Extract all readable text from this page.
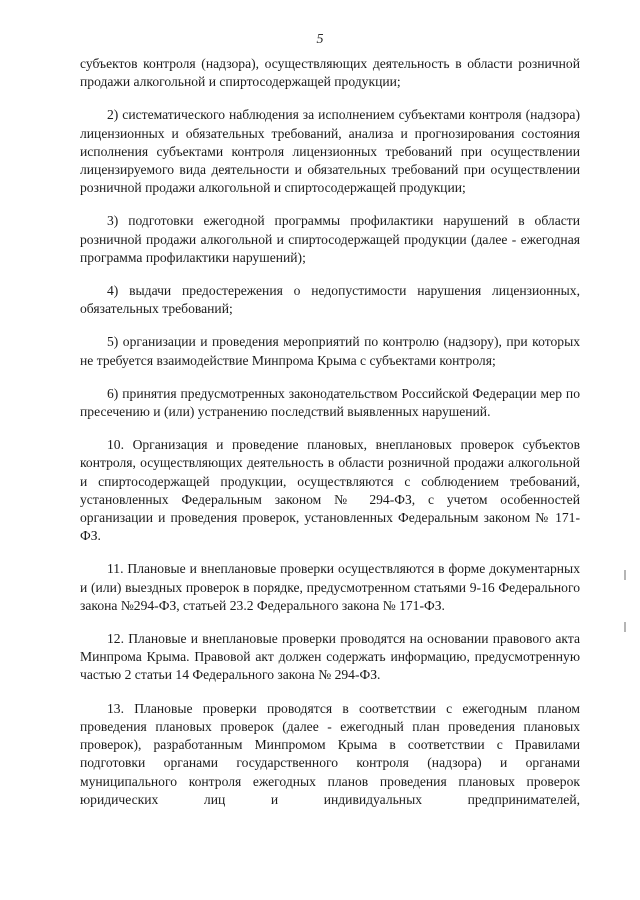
5

субъектов контроля (надзора), осуществляющих деятельность в области розничной продажи алкогольной и спиртосодержащей продукции;

2) систематического наблюдения за исполнением субъектами контроля (надзора) лицензионных и обязательных требований, анализа и прогнозирования состояния исполнения субъектами контроля лицензионных требований при осуществлении лицензируемого вида деятельности и обязательных требований при осуществлении розничной продажи алкогольной и спиртосодержащей продукции;

3) подготовки ежегодной программы профилактики нарушений в области розничной продажи алкогольной и спиртосодержащей продукции (далее - ежегодная программа профилактики нарушений);

4) выдачи предостережения о недопустимости нарушения лицензионных, обязательных требований;

5) организации и проведения мероприятий по контролю (надзору), при которых не требуется взаимодействие Минпрома Крыма с субъектами контроля;

6) принятия предусмотренных законодательством Российской Федерации мер по пресечению и (или) устранению последствий выявленных нарушений.

10. Организация и проведение плановых, внеплановых проверок субъектов контроля, осуществляющих деятельность в области розничной продажи алкогольной и спиртосодержащей продукции, осуществляются с соблюдением требований, установленных Федеральным законом № 294-ФЗ, с учетом особенностей организации и проведения проверок, установленных Федеральным законом № 171-ФЗ.

11. Плановые и внеплановые проверки осуществляются в форме документарных и (или) выездных проверок в порядке, предусмотренном статьями 9-16 Федерального закона №294-ФЗ, статьей 23.2 Федерального закона № 171-ФЗ.

12. Плановые и внеплановые проверки проводятся на основании правового акта Минпрома Крыма. Правовой акт должен содержать информацию, предусмотренную частью 2 статьи 14 Федерального закона № 294-ФЗ.

13. Плановые проверки проводятся в соответствии с ежегодным планом проведения плановых проверок (далее - ежегодный план проведения плановых проверок), разработанным Минпромом Крыма в соответствии с Правилами подготовки органами государственного контроля (надзора) и органами муниципального контроля ежегодных планов проведения плановых проверок юридических лиц и индивидуальных предпринимателей,
